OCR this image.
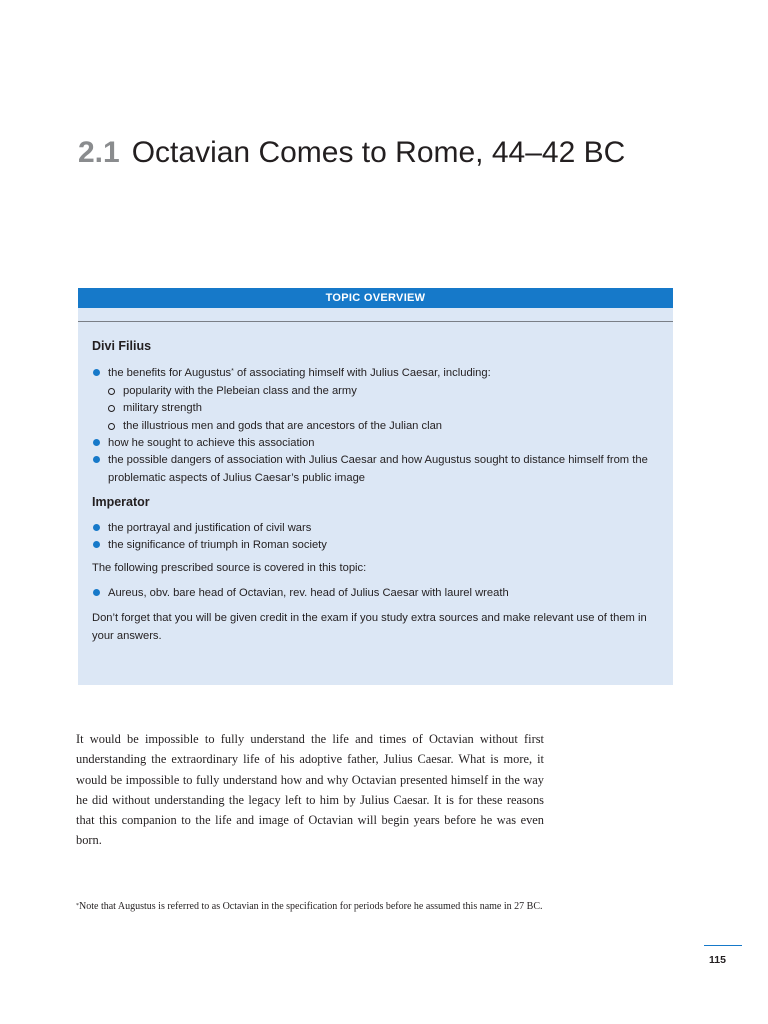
2.1 Octavian Comes to Rome, 44–42 BC
TOPIC OVERVIEW
Divi Filius
the benefits for Augustus* of associating himself with Julius Caesar, including:
popularity with the Plebeian class and the army
military strength
the illustrious men and gods that are ancestors of the Julian clan
how he sought to achieve this association
the possible dangers of association with Julius Caesar and how Augustus sought to distance himself from the problematic aspects of Julius Caesar’s public image
Imperator
the portrayal and justification of civil wars
the significance of triumph in Roman society

The following prescribed source is covered in this topic:

Aureus, obv. bare head of Octavian, rev. head of Julius Caesar with laurel wreath

Don’t forget that you will be given credit in the exam if you study extra sources and make relevant use of them in your answers.

It would be impossible to fully understand the life and times of Octavian without first understanding the extraordinary life of his adoptive father, Julius Caesar. What is more, it would be impossible to fully understand how and why Octavian presented himself in the way he did without understanding the legacy left to him by Julius Caesar. It is for these reasons that this companion to the life and image of Octavian will begin years before he was even born.

*Note that Augustus is referred to as Octavian in the specification for periods before he assumed this name in 27 BC.

115
